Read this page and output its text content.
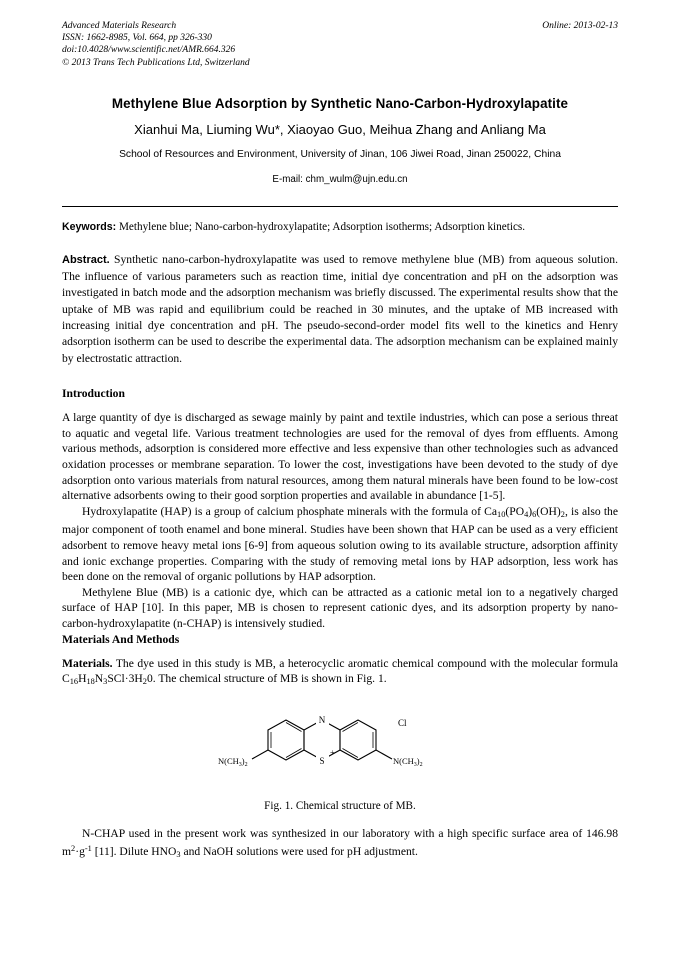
Online: 2013-02-13
Advanced Materials Research
ISSN: 1662-8985, Vol. 664, pp 326-330
doi:10.4028/www.scientific.net/AMR.664.326
© 2013 Trans Tech Publications Ltd, Switzerland
Methylene Blue Adsorption by Synthetic Nano-Carbon-Hydroxylapatite
Xianhui Ma, Liuming Wu*, Xiaoyao Guo, Meihua Zhang and Anliang Ma
School of Resources and Environment, University of Jinan, 106 Jiwei Road, Jinan 250022, China
E-mail: chm_wulm@ujn.edu.cn
Keywords: Methylene blue; Nano-carbon-hydroxylapatite; Adsorption isotherms; Adsorption kinetics.
Abstract. Synthetic nano-carbon-hydroxylapatite was used to remove methylene blue (MB) from aqueous solution. The influence of various parameters such as reaction time, initial dye concentration and pH on the adsorption was investigated in batch mode and the adsorption mechanism was briefly discussed. The experimental results show that the uptake of MB was rapid and equilibrium could be reached in 30 minutes, and the uptake of MB increased with increasing initial dye concentration and pH. The pseudo-second-order model fits well to the kinetics and Henry adsorption isotherm can be used to describe the experimental data. The adsorption mechanism can be explained mainly by electrostatic attraction.
Introduction

A large quantity of dye is discharged as sewage mainly by paint and textile industries, which can pose a serious threat to aquatic and vegetal life. Various treatment technologies are used for the removal of dyes from effluents. Among various methods, adsorption is considered more effective and less expensive than other technologies such as advanced oxidation processes or membrane separation. To lower the cost, investigations have been devoted to the study of dye adsorption onto various materials from natural resources, among them natural minerals have been found to be low-cost alternative adsorbents owing to their good sorption properties and available in abundance [1-5].

Hydroxylapatite (HAP) is a group of calcium phosphate minerals with the formula of $Ca_{10}(PO_4)_6(OH)_2$, is also the major component of tooth enamel and bone mineral. Studies have been shown that HAP can be used as a very efficient adsorbent to remove heavy metal ions [6-9] from aqueous solution owing to its available structure, adsorption affinity and ionic exchange properties. Comparing with the study of removing metal ions by HAP adsorption, less work has been done on the removal of organic pollutions by HAP adsorption.

Methylene Blue (MB) is a cationic dye, which can be attracted as a cationic metal ion to a negatively charged surface of HAP [10]. In this paper, MB is chosen to represent cationic dyes, and its adsorption property by nano-carbon-hydroxylapatite (n-CHAP) is intensively studied.

Materials And Methods

Materials. The dye used in this study is MB, a heterocyclic aromatic chemical compound with the molecular formula $C_{16}H_{18}N_3SCl\cdot 3H_20$. The chemical structure of MB is shown in Fig. 1.

N
S
+
Cl
$N(CH_3)_2$	$N(CH_3)_2$
Fig. 1. Chemical structure of MB.

N-CHAP used in the present work was synthesized in our laboratory with a high specific surface area of 146.98 $m^2\cdot g^{-1}$ [11]. Dilute $HNO_3$ and NaOH solutions were used for pH adjustment.
